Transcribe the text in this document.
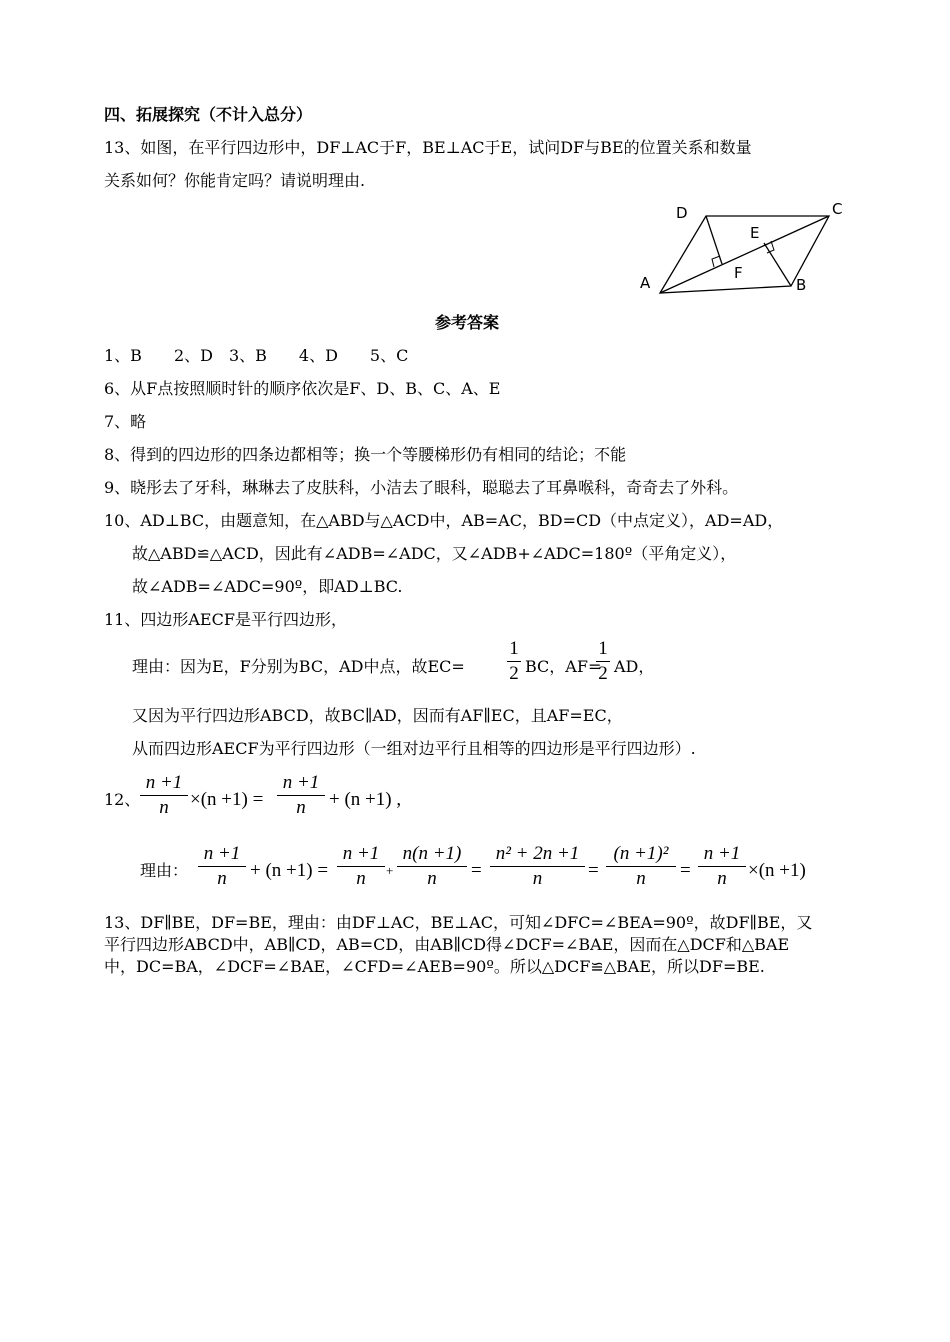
四、拓展探究（不计入总分）
13、如图，在平行四边形中，DF⊥AC于F，BE⊥AC于E，试问DF与BE的位置关系和数量
关系如何？你能肯定吗？请说明理由.
D	C
E
F
A	B
参考答案
1、B　　2、D　3、B　　4、D　　5、C
6、从F点按照顺时针的顺序依次是F、D、B、C、A、E
7、略
8、得到的四边形的四条边都相等；换一个等腰梯形仍有相同的结论；不能
9、晓彤去了牙科，琳琳去了皮肤科，小洁去了眼科，聪聪去了耳鼻喉科，奇奇去了外科。
10、AD⊥BC，由题意知，在△ABD与△ACD中，AB=AC，BD=CD（中点定义），AD=AD，
故△ABD≌△ACD，因此有∠ADB=∠ADC，又∠ADB+∠ADC=180º（平角定义），
故∠ADB=∠ADC=90º，即AD⊥BC.
11、四边形AECF是平行四边形，
理由：因为E，F分别为BC，AD中点，故EC=
1
2 BC，AF=
1
2 AD，
又因为平行四边形ABCD，故BC∥AD，因而有AF∥EC，且AF=EC，
从而四边形AECF为平行四边形（一组对边平行且相等的四边形是平行四边形）.
12、
n +1
n	×(n +1) =
n +1
n	+ (n +1) ,
理由：
n +1
n	+ (n +1) =
n +1
n	+
n(n +1)
n	=
n² + 2n +1
n	=
(n +1)²
n	=
n +1
n	×(n +1)
13、DF∥BE，DF=BE，理由：由DF⊥AC，BE⊥AC，可知∠DFC=∠BEA=90º，故DF∥BE，又
平行四边形ABCD中，AB∥CD，AB=CD，由AB∥CD得∠DCF=∠BAE，因而在△DCF和△BAE
中，DC=BA，∠DCF=∠BAE，∠CFD=∠AEB=90º。所以△DCF≌△BAE，所以DF=BE.
